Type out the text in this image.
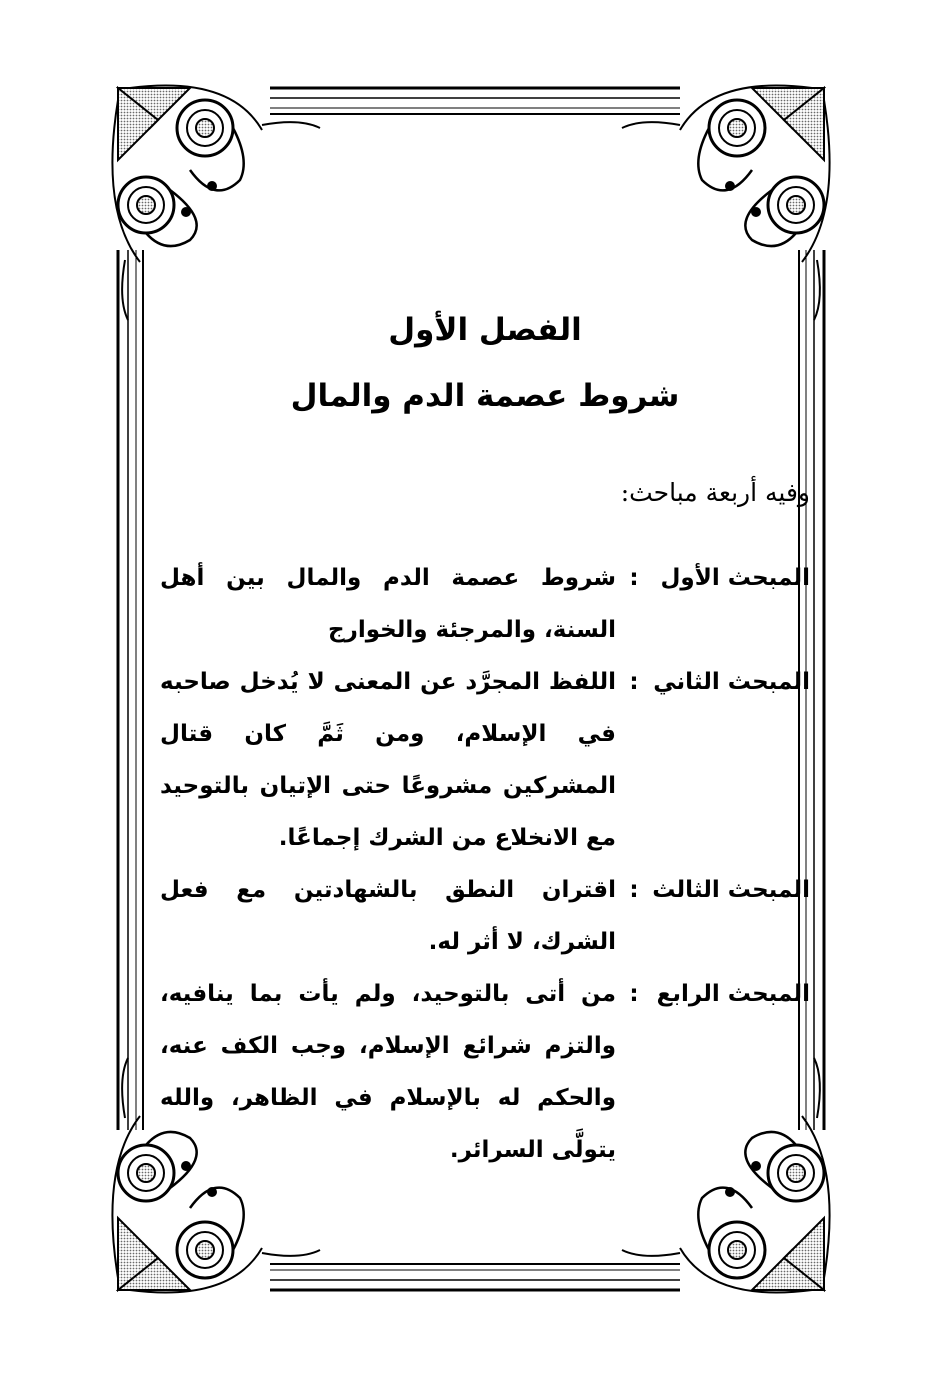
الفصل الأول
شروط عصمة الدم والمال
وفيه أربعة مباحث:
المبحث الأول
:
شروط عصمة الدم والمال بين أهل السنة، والمرجئة والخوارج
المبحث الثاني
:
اللفظ المجرَّد عن المعنى لا يُدخل صاحبه في الإسلام، ومن ثَمَّ كان قتال المشركين مشروعًا حتى الإتيان بالتوحيد مع الانخلاع من الشرك إجماعًا.
المبحث الثالث
:
اقتران النطق بالشهادتين مع فعل الشرك، لا أثر له.
المبحث الرابع
:
من أتى بالتوحيد، ولم يأت بما ينافيه، والتزم شرائع الإسلام، وجب الكف عنه، والحكم له بالإسلام في الظاهر، والله يتولَّى السرائر.
